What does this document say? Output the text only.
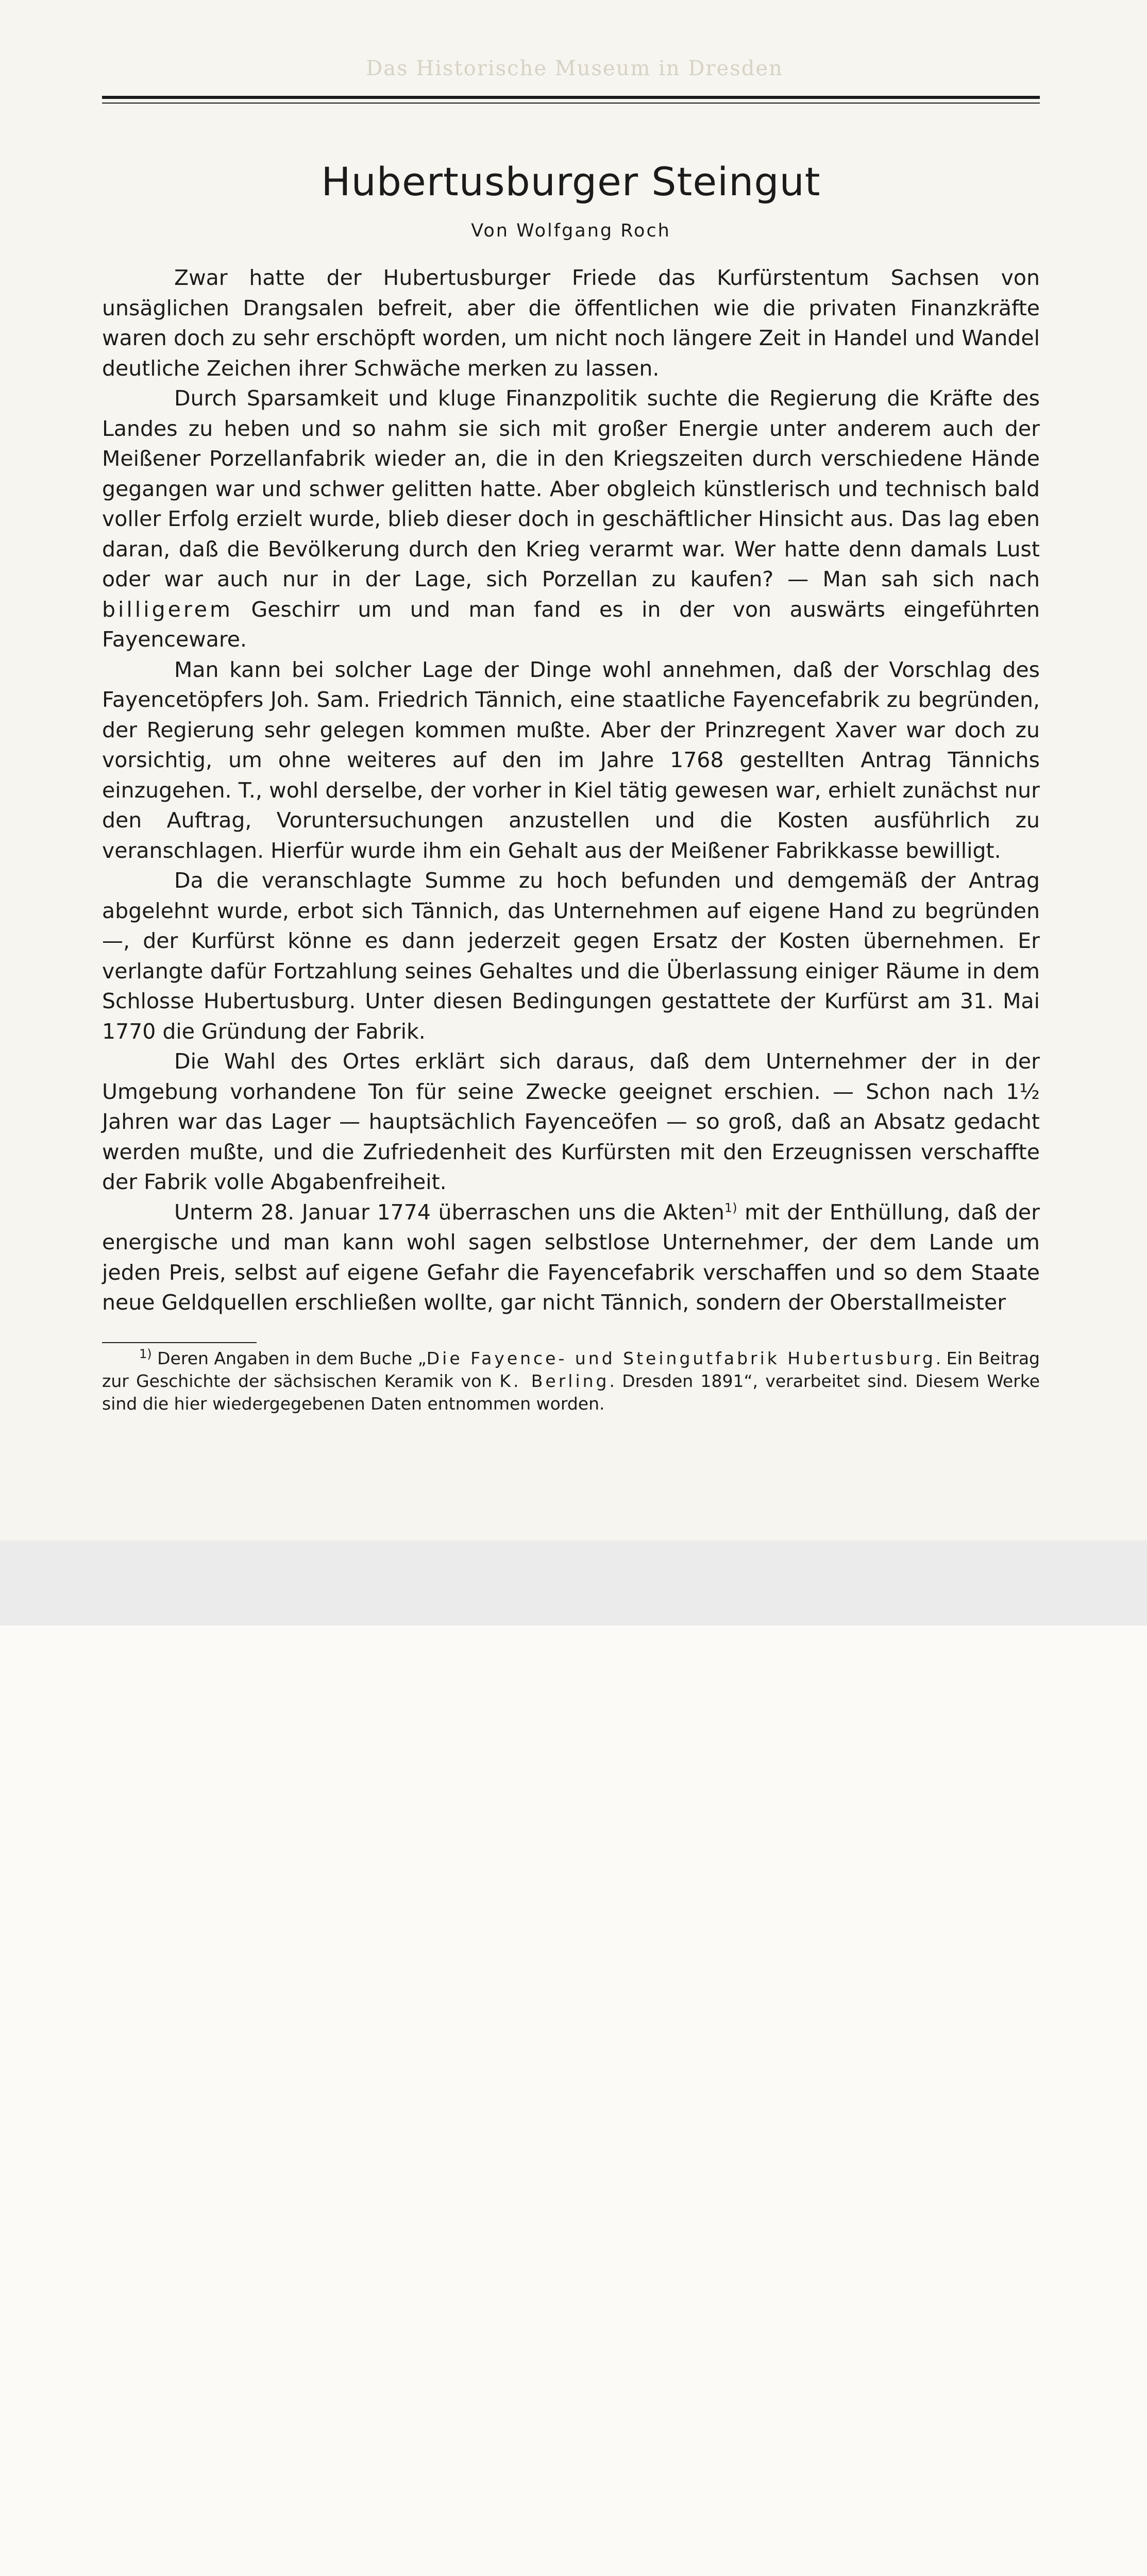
Das Historische Museum in Dresden
Hubertusburger Steingut
Von Wolfgang Roch

Zwar hatte der Hubertusburger Friede das Kurfürstentum Sachsen von unsäglichen Drangsalen befreit, aber die öffentlichen wie die privaten Finanzkräfte waren doch zu sehr erschöpft worden, um nicht noch längere Zeit in Handel und Wandel deutliche Zeichen ihrer Schwäche merken zu lassen.

Durch Sparsamkeit und kluge Finanzpolitik suchte die Regierung die Kräfte des Landes zu heben und so nahm sie sich mit großer Energie unter anderem auch der Meißener Porzellanfabrik wieder an, die in den Kriegszeiten durch verschiedene Hände gegangen war und schwer gelitten hatte. Aber obgleich künstlerisch und technisch bald voller Erfolg erzielt wurde, blieb dieser doch in geschäftlicher Hinsicht aus. Das lag eben daran, daß die Bevölkerung durch den Krieg verarmt war. Wer hatte denn damals Lust oder war auch nur in der Lage, sich Porzellan zu kaufen? — Man sah sich nach billigerem Geschirr um und man fand es in der von auswärts eingeführten Fayenceware.

Man kann bei solcher Lage der Dinge wohl annehmen, daß der Vorschlag des Fayencetöpfers Joh. Sam. Friedrich Tännich, eine staatliche Fayencefabrik zu begründen, der Regierung sehr gelegen kommen mußte. Aber der Prinzregent Xaver war doch zu vorsichtig, um ohne weiteres auf den im Jahre 1768 gestellten Antrag Tännichs einzugehen. T., wohl derselbe, der vorher in Kiel tätig gewesen war, erhielt zunächst nur den Auftrag, Voruntersuchungen anzustellen und die Kosten ausführlich zu veranschlagen. Hierfür wurde ihm ein Gehalt aus der Meißener Fabrikkasse bewilligt.

Da die veranschlagte Summe zu hoch befunden und demgemäß der Antrag abgelehnt wurde, erbot sich Tännich, das Unternehmen auf eigene Hand zu begründen —, der Kurfürst könne es dann jederzeit gegen Ersatz der Kosten übernehmen. Er verlangte dafür Fortzahlung seines Gehaltes und die Überlassung einiger Räume in dem Schlosse Hubertusburg. Unter diesen Bedingungen gestattete der Kurfürst am 31. Mai 1770 die Gründung der Fabrik.

Die Wahl des Ortes erklärt sich daraus, daß dem Unternehmer der in der Umgebung vorhandene Ton für seine Zwecke geeignet erschien. — Schon nach 1½ Jahren war das Lager — hauptsächlich Fayenceöfen — so groß, daß an Absatz gedacht werden mußte, und die Zufriedenheit des Kurfürsten mit den Erzeugnissen verschaffte der Fabrik volle Abgabenfreiheit.

Unterm 28. Januar 1774 überraschen uns die Akten$^{1)}$ mit der Enthüllung, daß der energische und man kann wohl sagen selbstlose Unternehmer, der dem Lande um jeden Preis, selbst auf eigene Gefahr die Fayencefabrik verschaffen und so dem Staate neue Geldquellen erschließen wollte, gar nicht Tännich, sondern der Oberstallmeister

$^{1)}$ Deren Angaben in dem Buche „Die Fayence- und Steingutfabrik Hubertusburg. Ein Beitrag zur Geschichte der sächsischen Keramik von K. Berling. Dresden 1891“, verarbeitet sind. Diesem Werke sind die hier wiedergegebenen Daten entnommen worden.
